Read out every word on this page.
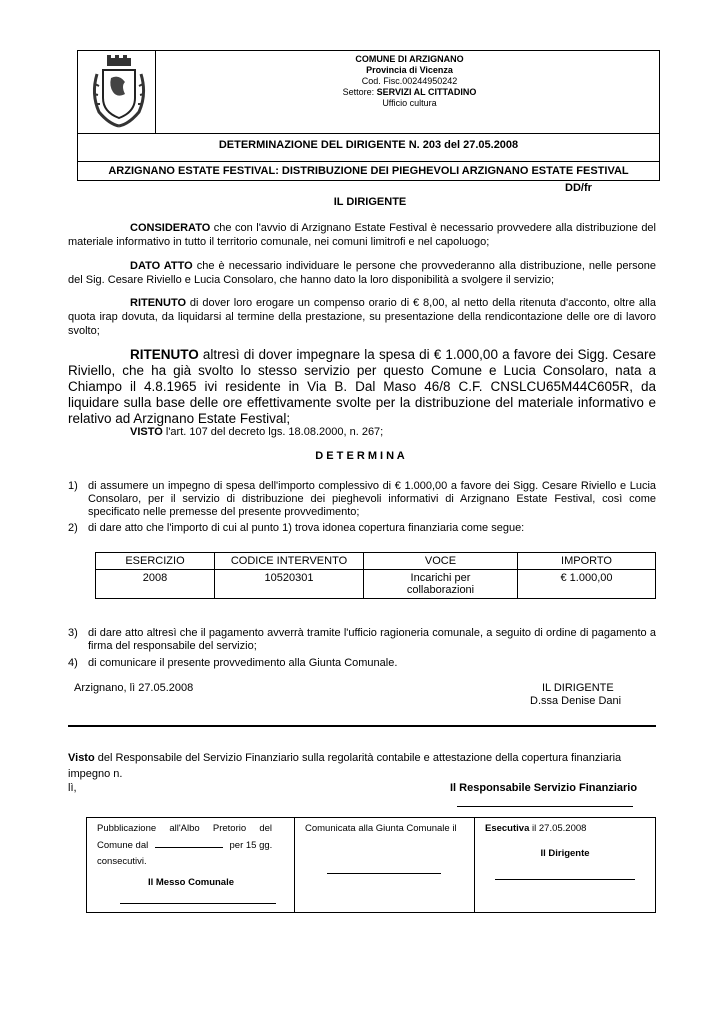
COMUNE DI ARZIGNANO
Provincia di Vicenza
Cod. Fisc.00244950242
Settore: SERVIZI AL CITTADINO
Ufficio cultura
DETERMINAZIONE DEL DIRIGENTE N. 203 del 27.05.2008
ARZIGNANO ESTATE FESTIVAL: DISTRIBUZIONE DEI PIEGHEVOLI ARZIGNANO ESTATE FESTIVAL
DD/fr
IL DIRIGENTE
CONSIDERATO che con l'avvio di Arzignano Estate Festival è necessario provvedere alla distribuzione del materiale informativo in tutto il territorio comunale, nei comuni limitrofi e nel capoluogo;
DATO ATTO che è necessario individuare le persone che provvederanno alla distribuzione, nelle persone del Sig. Cesare Riviello e Lucia Consolaro, che hanno dato la loro disponibilità a svolgere il servizio;
RITENUTO di dover loro erogare un compenso orario di € 8,00, al netto della ritenuta d'acconto, oltre alla quota irap dovuta, da liquidarsi al termine della prestazione, su presentazione della rendicontazione delle ore di lavoro svolto;
RITENUTO altresì di dover impegnare la spesa di € 1.000,00 a favore dei Sigg. Cesare Riviello, che ha già svolto lo stesso servizio per questo Comune e Lucia Consolaro, nata a Chiampo il 4.8.1965 ivi residente in Via B. Dal Maso 46/8 C.F. CNSLCU65M44C605R, da liquidare sulla base delle ore effettivamente svolte per la distribuzione del materiale informativo e relativo ad Arzignano Estate Festival;
VISTO l'art. 107 del decreto lgs. 18.08.2000, n. 267;
D E T E R M I N A
1) di assumere un impegno di spesa dell'importo complessivo di € 1.000,00 a favore dei Sigg. Cesare Riviello e Lucia Consolaro, per il servizio di distribuzione dei pieghevoli informativi di Arzignano Estate Festival, così come specificato nelle premesse del presente provvedimento;
2) di dare atto che l'importo di cui al punto 1) trova idonea copertura finanziaria come segue:
ESERCIZIO	CODICE INTERVENTO	VOCE	IMPORTO
2008	10520301	Incarichi per collaborazioni	€ 1.000,00
3) di dare atto altresì che il pagamento avverrà tramite l'ufficio ragioneria comunale, a seguito di ordine di pagamento a firma del responsabile del servizio;
4) di comunicare il presente provvedimento alla Giunta Comunale.
Arzignano, lì 27.05.2008	IL DIRIGENTE
D.ssa Denise Dani
Visto del Responsabile del Servizio Finanziario sulla regolarità contabile e attestazione della copertura finanziaria
impegno n.
lì,	Il Responsabile Servizio Finanziario
Pubblicazione     all'Albo     Pretorio     del
Comune dal	per 15 gg.
consecutivi.
Il Messo Comunale
Comunicata alla Giunta Comunale il	Esecutiva il 27.05.2008
Il Dirigente
